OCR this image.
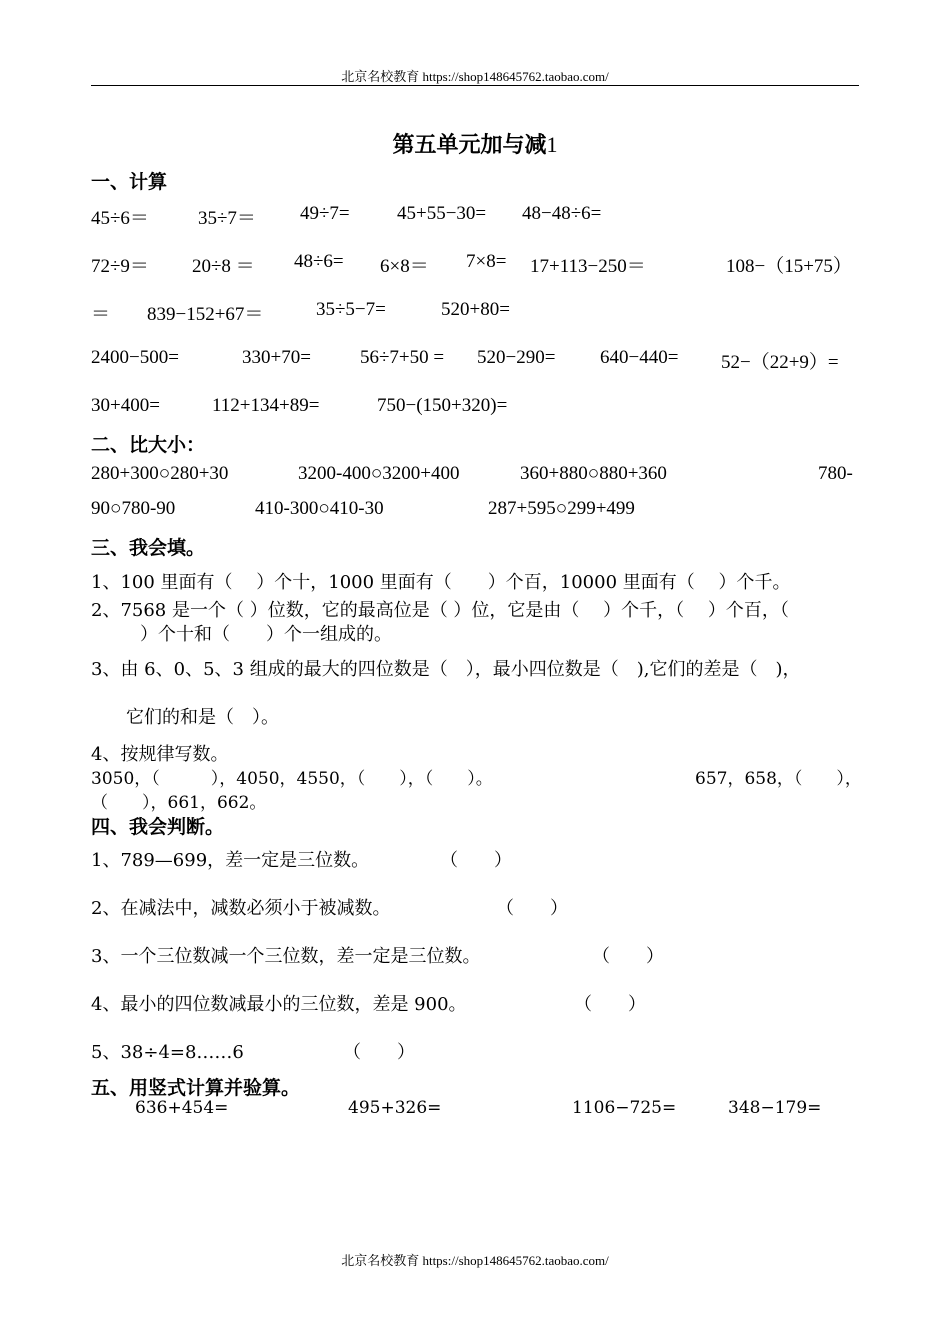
北京名校教育 https://shop148645762.taobao.com/
第五单元加与减1
一、计算
45÷6＝	35÷7＝ 49÷7= 45+55−30= 48−48÷6=
72÷9＝ 20÷8 ＝ 48÷6= 6×8＝ 7×8= 17+113−250＝	108−（15+75）
＝ 839−152+67＝	35÷5−7=	520+80=
2400−500=	330+70=	56÷7+50 = 520−290= 640−440= 52−（22+9）=
30+400=	112+134+89=	750−(150+320)=
二、比大小：
280+300○280+30	3200-400○3200+400	360+880○880+360	780-
90○780-90	410-300○410-30	287+595○299+499
三、我会填。
1、100 里面有（　 ）个十，1000 里面有（　　）个百，10000 里面有（　 ）个千。
2、7568 是一个（ ）位数，它的最高位是（ ）位，它是由（　 ）个千，（　 ）个百，（
）个十和（　　）个一组成的。
3、由 6、0、5、3 组成的最大的四位数是（　），最小四位数是（　),它们的差是（　)，
它们的和是（　）。
4、按规律写数。
3050，（　　　），4050，4550，（　　），（　　）。	657，658，（　　），
（　　），661，662。
四、我会判断。
1、789—699，差一定是三位数。	（　　）
2、在减法中，减数必须小于被减数。	（　　）
3、一个三位数减一个三位数，差一定是三位数。	（　　）
4、最小的四位数减最小的三位数，差是 900。	（　　）
5、38÷4=8……6	（　　）
五、用竖式计算并验算。
636+454=	495+326=	1106−725=	348−179=
北京名校教育 https://shop148645762.taobao.com/
